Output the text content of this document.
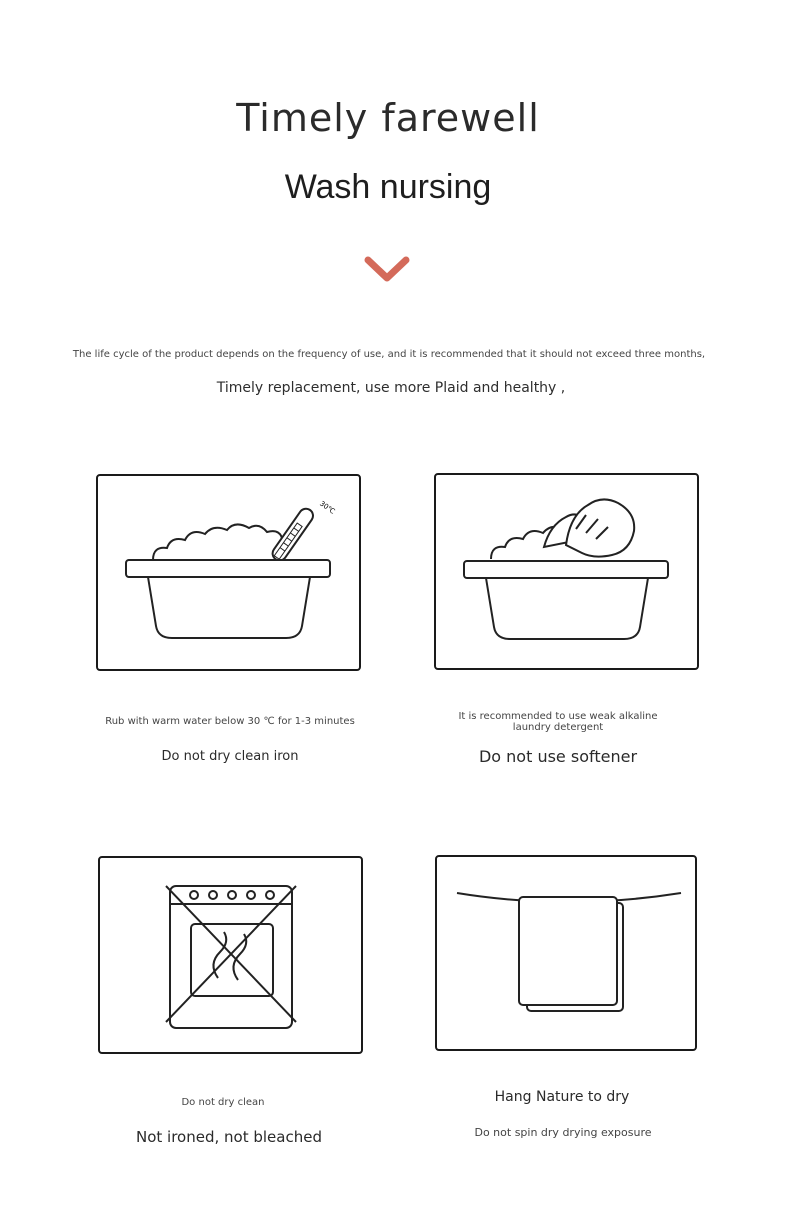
Timely farewell
Wash nursing
The life cycle of the product depends on the frequency of use, and it is recommended that it should not exceed three months,
Timely replacement, use more Plaid and healthy ,
30℃
Rub with warm water below 30 ℃ for 1-3 minutes
Do not dry clean iron
It is recommended to use weak alkaline laundry detergent
Do not use softener
Do not dry clean
Not ironed, not bleached
Hang Nature to dry
Do not spin dry drying exposure
